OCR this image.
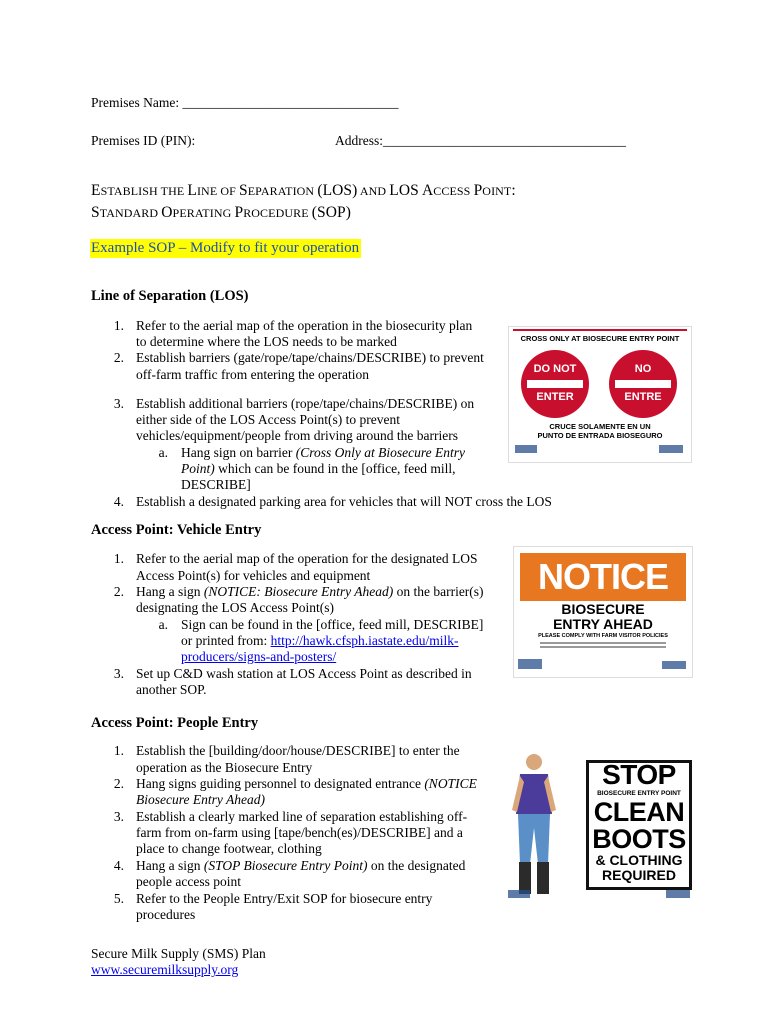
Premises Name: ________________________________
Premises ID (PIN):	Address:____________________________________
ESTABLISH THE LINE OF SEPARATION (LOS) AND LOS ACCESS POINT:
STANDARD OPERATING PROCEDURE (SOP)
Example SOP – Modify to fit your operation
Line of Separation (LOS)
1. Refer to the aerial map of the operation in the biosecurity plan
to determine where the LOS needs to be marked
2. Establish barriers (gate/rope/tape/chains/DESCRIBE) to prevent
off-farm traffic from entering the operation
3. Establish additional barriers (rope/tape/chains/DESCRIBE) on
either side of the LOS Access Point(s) to prevent
vehicles/equipment/people from driving around the barriers
a. Hang sign on barrier (Cross Only at Biosecure Entry
Point) which can be found in the [office, feed mill,
DESCRIBE]
4. Establish a designated parking area for vehicles that will NOT cross the LOS
Access Point: Vehicle Entry
1. Refer to the aerial map of the operation for the designated LOS
Access Point(s) for vehicles and equipment
2. Hang a sign (NOTICE: Biosecure Entry Ahead) on the barrier(s)
designating the LOS Access Point(s)
a. Sign can be found in the [office, feed mill, DESCRIBE]
or printed from: http://hawk.cfsph.iastate.edu/milk-
producers/signs-and-posters/
3. Set up C&D wash station at LOS Access Point as described in
another SOP.
Access Point: People Entry
1. Establish the [building/door/house/DESCRIBE] to enter the
operation as the Biosecure Entry
2. Hang signs guiding personnel to designated entrance (NOTICE
Biosecure Entry Ahead)
3. Establish a clearly marked line of separation establishing off-
farm from on-farm using [tape/bench(es)/DESCRIBE] and a
place to change footwear, clothing
4. Hang a sign (STOP Biosecure Entry Point) on the designated
people access point
5. Refer to the People Entry/Exit SOP for biosecure entry
procedures
Secure Milk Supply (SMS) Plan
www.securemilksupply.org
CROSS ONLY AT BIOSECURE ENTRY POINT
DO NOT
ENTER
NO
ENTRE
CRUCE SOLAMENTE EN UN
PUNTO DE ENTRADA BIOSEGURO
NOTICE
BIOSECURE
ENTRY AHEAD
PLEASE COMPLY WITH FARM VISITOR POLICIES
STOP
BIOSECURE ENTRY POINT
CLEAN
BOOTS
& CLOTHING
REQUIRED
